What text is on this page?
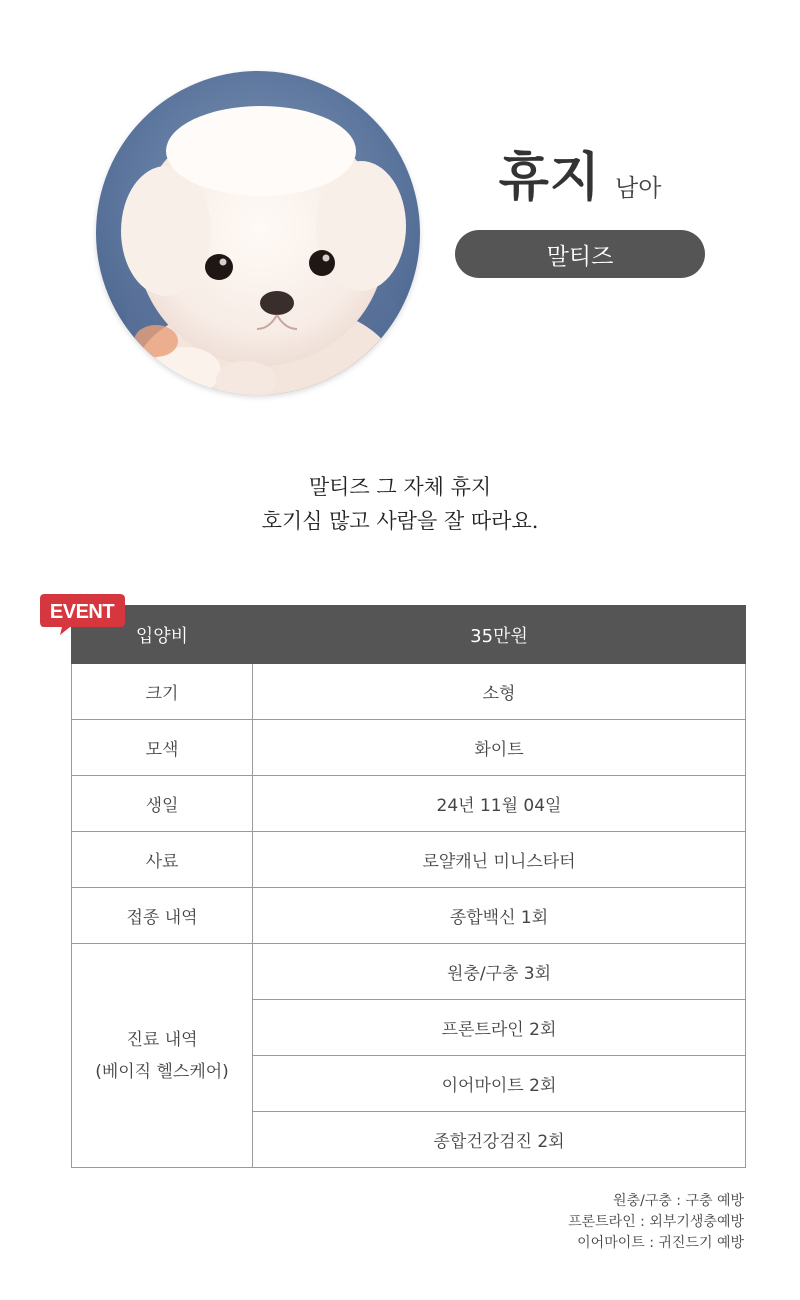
휴지 남아
말티즈
말티즈 그 자체 휴지
호기심 많고 사람을 잘 따라요.
EVENT
입양비	35만원
크기	소형
모색	화이트
생일	24년 11월 04일
사료	로얄캐닌 미니스타터
접종 내역	종합백신 1회

진료 내역
(베이직 헬스케어)	원충/구충 3회
	프론트라인 2회
	이어마이트 2회
	종합건강검진 2회
원충/구충 : 구충 예방
프론트라인 : 외부기생충예방
이어마이트 : 귀진드기 예방
